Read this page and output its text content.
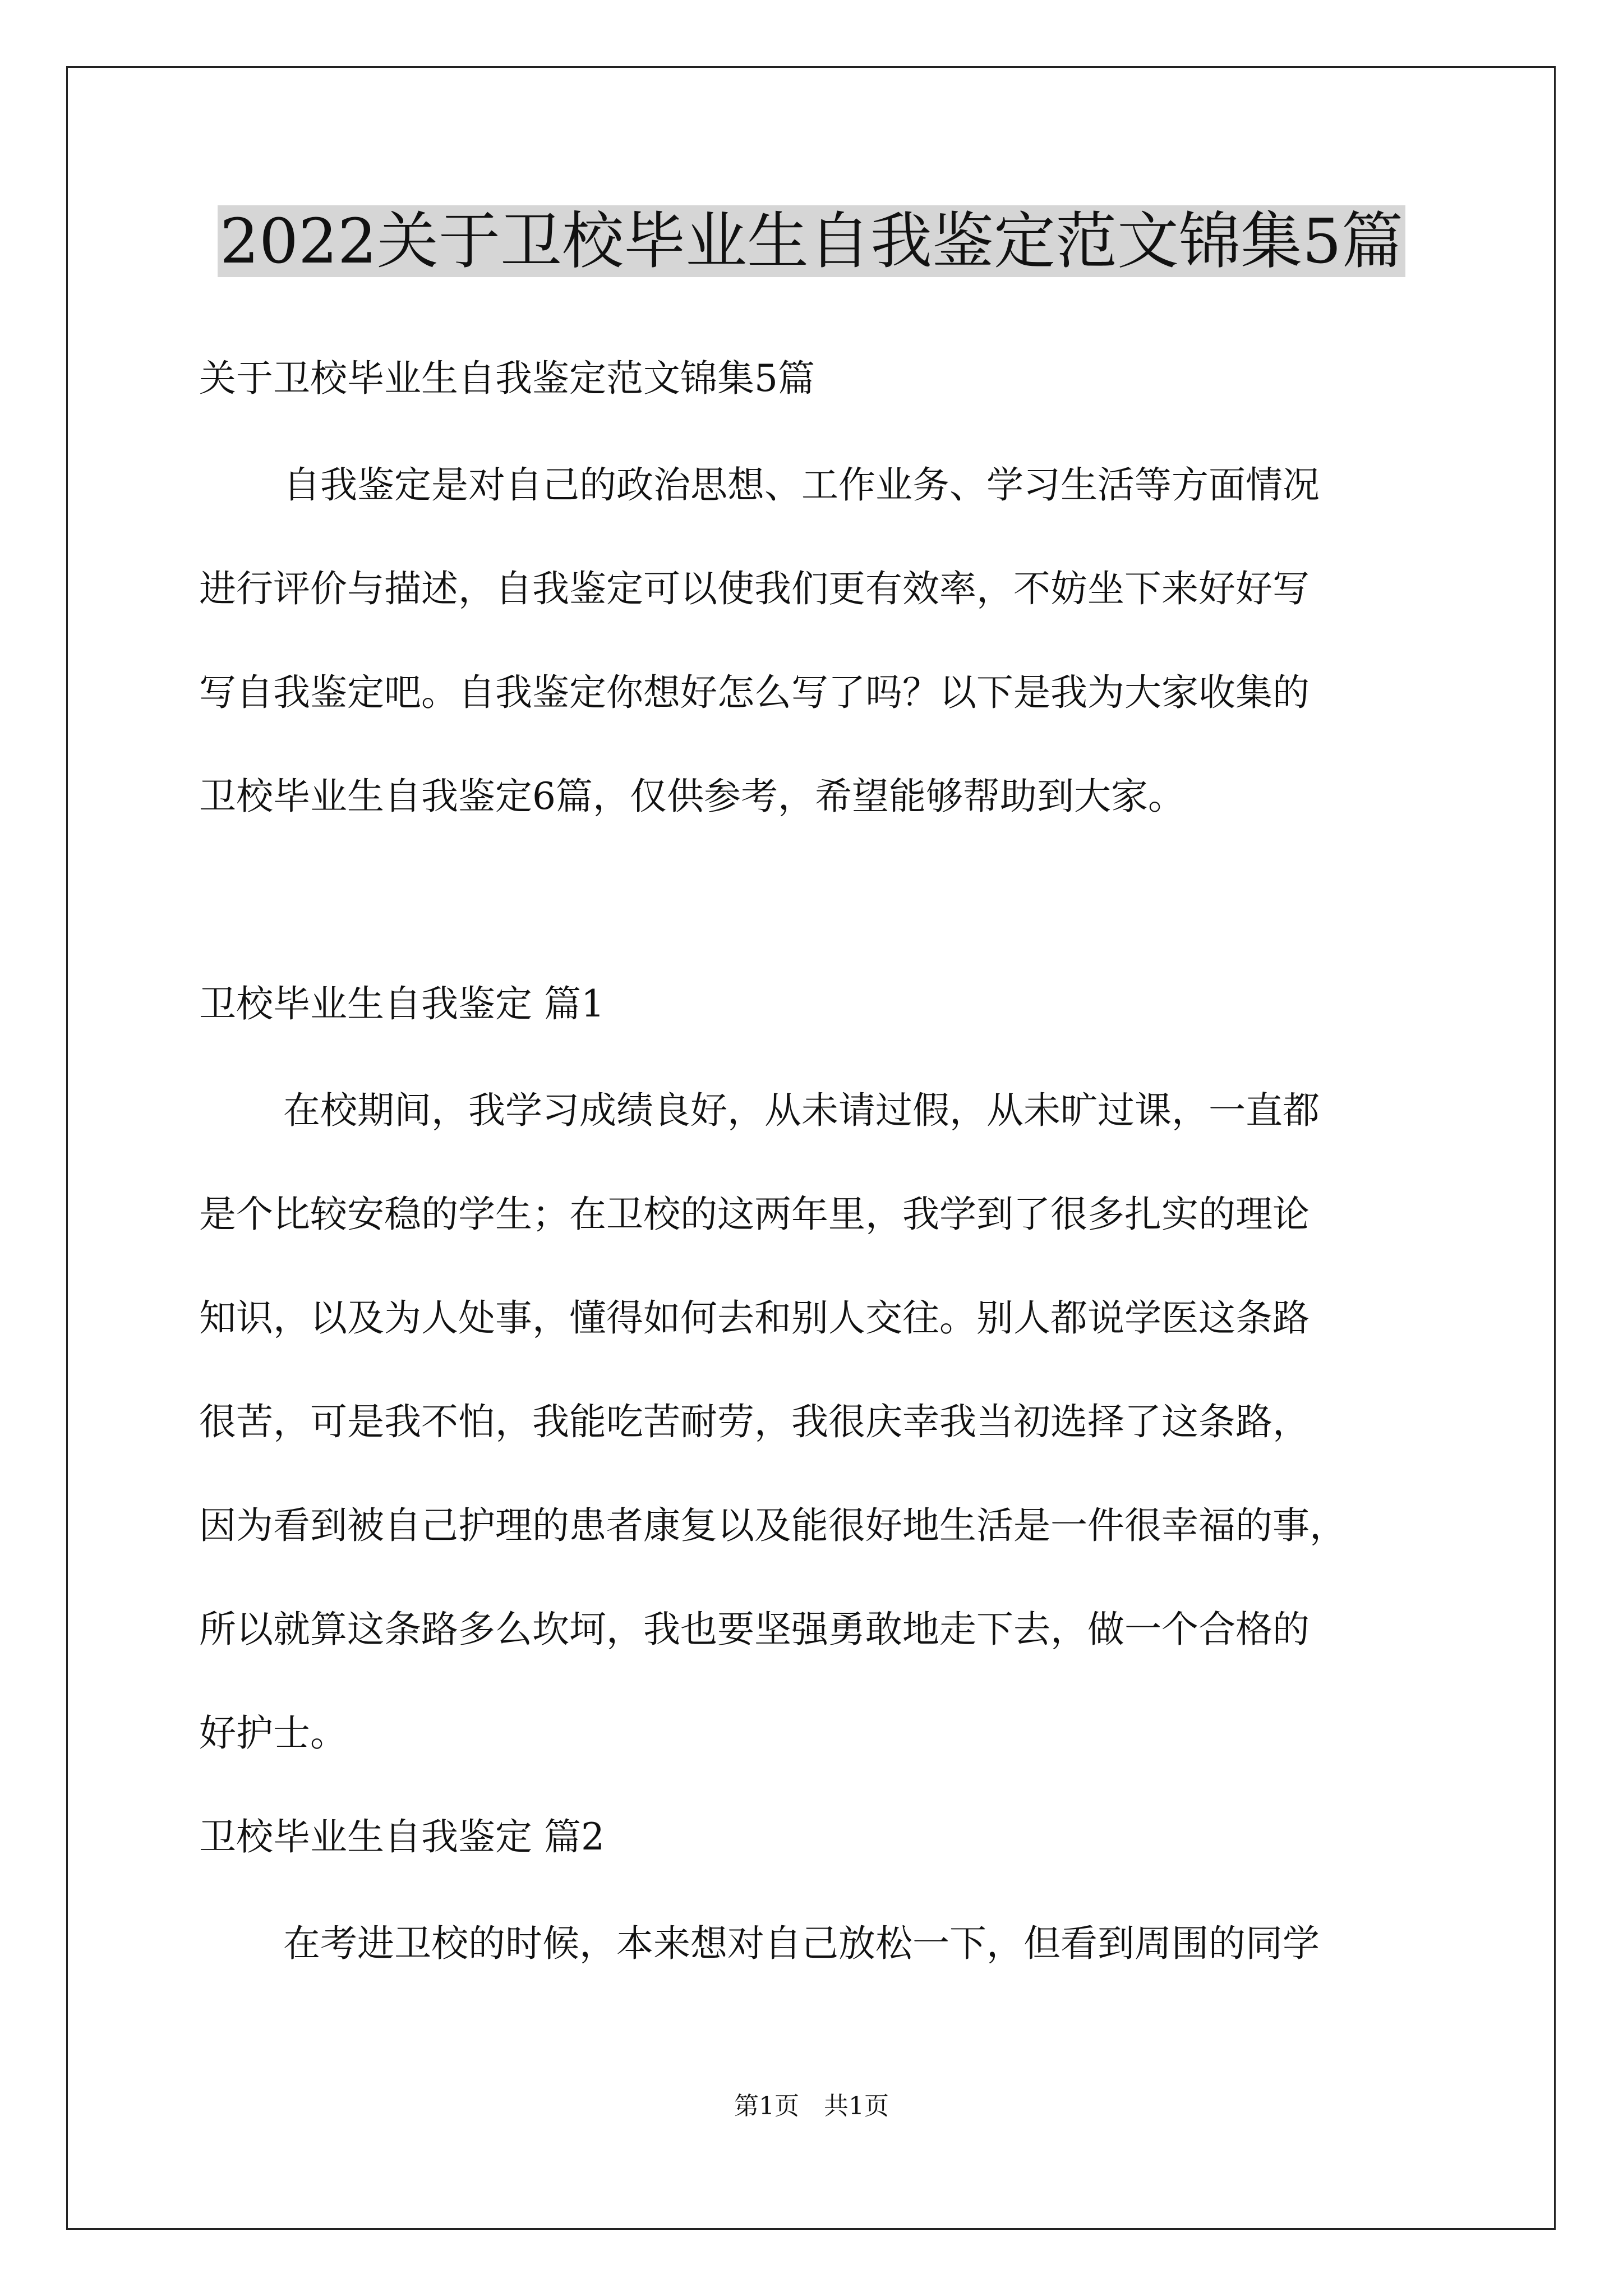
2022关于卫校毕业生自我鉴定范文锦集5篇
关于卫校毕业生自我鉴定范文锦集5篇
自我鉴定是对自己的政治思想、工作业务、学习生活等方面情况
进行评价与描述，自我鉴定可以使我们更有效率，不妨坐下来好好写
写自我鉴定吧。自我鉴定你想好怎么写了吗？以下是我为大家收集的
卫校毕业生自我鉴定6篇，仅供参考，希望能够帮助到大家。
卫校毕业生自我鉴定 篇1
在校期间，我学习成绩良好，从未请过假，从未旷过课，一直都
是个比较安稳的学生；在卫校的这两年里，我学到了很多扎实的理论
知识，以及为人处事，懂得如何去和别人交往。别人都说学医这条路
很苦，可是我不怕，我能吃苦耐劳，我很庆幸我当初选择了这条路，
因为看到被自己护理的患者康复以及能很好地生活是一件很幸福的事，
所以就算这条路多么坎坷，我也要坚强勇敢地走下去，做一个合格的
好护士。
卫校毕业生自我鉴定 篇2
在考进卫校的时候，本来想对自己放松一下，但看到周围的同学
第1页　共1页
